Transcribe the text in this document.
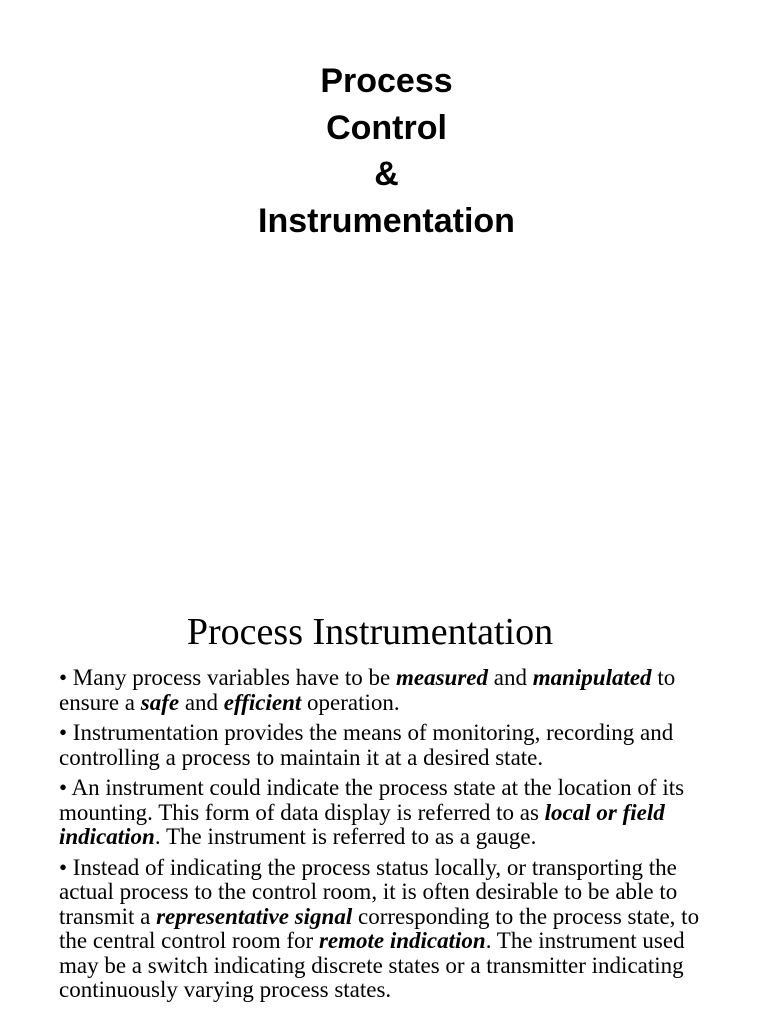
Process
Control
&
Instrumentation
Process Instrumentation

• Many process variables have to be measured and manipulated to ensure a safe and efficient operation.

• Instrumentation provides the means of monitoring, recording and controlling a process to maintain it at a desired state.

• An instrument could indicate the process state at the location of its mounting. This form of data display is referred to as local or field indication. The instrument is referred to as a gauge.

• Instead of indicating the process status locally, or transporting the actual process to the control room, it is often desirable to be able to transmit a representative signal corresponding to the process state, to the central control room for remote indication. The instrument used may be a switch indicating discrete states or a transmitter indicating continuously varying process states.
